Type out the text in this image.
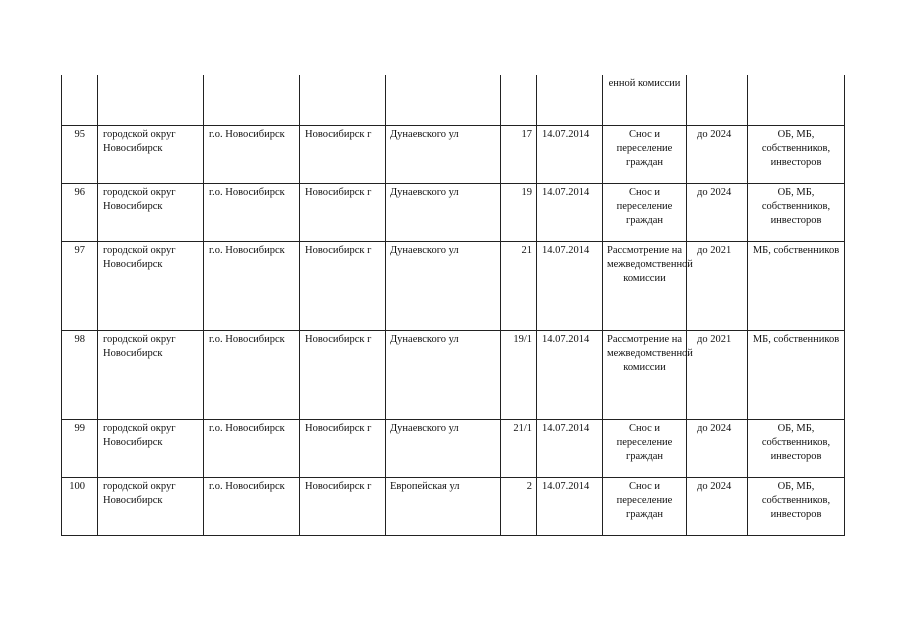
							енной комиссии		

95	городской округ Новосибирск	г.о. Новосибирск	Новосибирск г	Дунаевского ул	17	14.07.2014	Снос и переселение граждан	до 2024	ОБ, МБ, собственников, инвесторов

96	городской округ Новосибирск	г.о. Новосибирск	Новосибирск г	Дунаевского ул	19	14.07.2014	Снос и переселение граждан	до 2024	ОБ, МБ, собственников, инвесторов

97	городской округ Новосибирск	г.о. Новосибирск	Новосибирск г	Дунаевского ул	21	14.07.2014	Рассмотрение на межведомственной комиссии	до 2021	МБ, собственников

98	городской округ Новосибирск	г.о. Новосибирск	Новосибирск г	Дунаевского ул	19/1	14.07.2014	Рассмотрение на межведомственной комиссии	до 2021	МБ, собственников

99	городской округ Новосибирск	г.о. Новосибирск	Новосибирск г	Дунаевского ул	21/1	14.07.2014	Снос и переселение граждан	до 2024	ОБ, МБ, собственников, инвесторов

100	городской округ Новосибирск	г.о. Новосибирск	Новосибирск г	Европейская ул	2	14.07.2014	Снос и переселение граждан	до 2024	ОБ, МБ, собственников, инвесторов
